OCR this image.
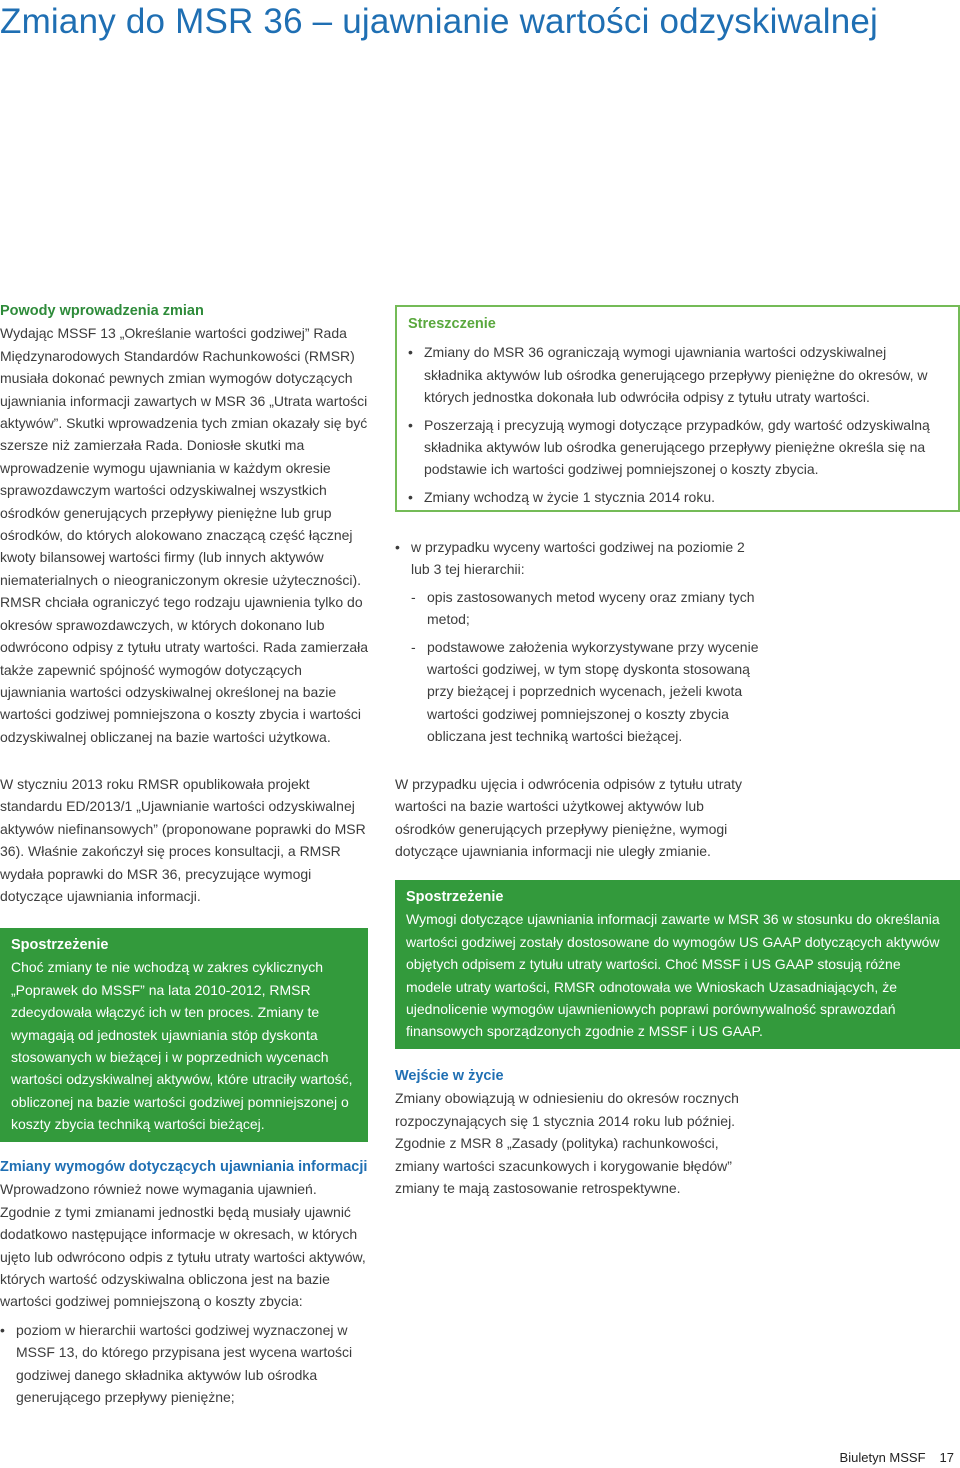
Zmiany do MSR 36 – ujawnianie wartości odzyskiwalnej

Powody wprowadzenia zmian

Wydając MSSF 13 „Określanie wartości godziwej” Rada Międzynarodowych Standardów Rachunkowości (RMSR) musiała dokonać pewnych zmian wymogów dotyczących ujawniania informacji zawartych w MSR 36 „Utrata wartości aktywów”. Skutki wprowadzenia tych zmian okazały się być szersze niż zamierzała Rada. Doniosłe skutki ma wprowadzenie wymogu ujawniania w każdym okresie sprawozdawczym wartości odzyskiwalnej wszystkich ośrodków generujących przepływy pieniężne lub grup ośrodków, do których alokowano znaczącą część łącznej kwoty bilansowej wartości firmy (lub innych aktywów niematerialnych o nieograniczonym okresie użyteczności). RMSR chciała ograniczyć tego rodzaju ujawnienia tylko do okresów sprawozdawczych, w których dokonano lub odwrócono odpisy z tytułu utraty wartości. Rada zamierzała także zapewnić spójność wymogów dotyczących ujawniania wartości odzyskiwalnej określonej na bazie wartości godziwej pomniejszona o koszty zbycia i wartości odzyskiwalnej obliczanej na bazie wartości użytkowa.

Streszczenie

• Zmiany do MSR 36 ograniczają wymogi ujawniania wartości odzyskiwalnej składnika aktywów lub ośrodka generującego przepływy pieniężne do okresów, w których jednostka dokonała lub odwróciła odpisy z tytułu utraty wartości.
• Poszerzają i precyzują wymogi dotyczące przypadków, gdy wartość odzyskiwalną składnika aktywów lub ośrodka generującego przepływy pieniężne określa się na podstawie ich wartości godziwej pomniejszonej o koszty zbycia.
• Zmiany wchodzą w życie 1 stycznia 2014 roku.
• w przypadku wyceny wartości godziwej na poziomie 2 lub 3 tej hierarchii:
- opis zastosowanych metod wyceny oraz zmiany tych metod;
- podstawowe założenia wykorzystywane przy wycenie wartości godziwej, w tym stopę dyskonta stosowaną przy bieżącej i poprzednich wycenach, jeżeli kwota wartości godziwej pomniejszonej o koszty zbycia obliczana jest techniką wartości bieżącej.

W styczniu 2013 roku RMSR opublikowała projekt standardu ED/2013/1 „Ujawnianie wartości odzyskiwalnej aktywów niefinansowych” (proponowane poprawki do MSR 36). Właśnie zakończył się proces konsultacji, a RMSR wydała poprawki do MSR 36, precyzujące wymogi dotyczące ujawniania informacji.

Spostrzeżenie

Choć zmiany te nie wchodzą w zakres cyklicznych „Poprawek do MSSF” na lata 2010-2012, RMSR zdecydowała włączyć ich w ten proces. Zmiany te wymagają od jednostek ujawniania stóp dyskonta stosowanych w bieżącej i w poprzednich wycenach wartości odzyskiwalnej aktywów, które utraciły wartość, obliczonej na bazie wartości godziwej pomniejszonej o koszty zbycia techniką wartości bieżącej.

Zmiany wymogów dotyczących ujawniania informacji

Wprowadzono również nowe wymagania ujawnień. Zgodnie z tymi zmianami jednostki będą musiały ujawnić dodatkowo następujące informacje w okresach, w których ujęto lub odwrócono odpis z tytułu utraty wartości aktywów, których wartość odzyskiwalna obliczona jest na bazie wartości godziwej pomniejszoną o koszty zbycia:

• poziom w hierarchii wartości godziwej wyznaczonej w MSSF 13, do którego przypisana jest wycena wartości godziwej danego składnika aktywów lub ośrodka generującego przepływy pieniężne;

W przypadku ujęcia i odwrócenia odpisów z tytułu utraty wartości na bazie wartości użytkowej aktywów lub ośrodków generujących przepływy pieniężne, wymogi dotyczące ujawniania informacji nie uległy zmianie.

Spostrzeżenie

Wymogi dotyczące ujawniania informacji zawarte w MSR 36 w stosunku do określania wartości godziwej zostały dostosowane do wymogów US GAAP dotyczących aktywów objętych odpisem z tytułu utraty wartości. Choć MSSF i US GAAP stosują różne modele utraty wartości, RMSR odnotowała we Wnioskach Uzasadniających, że ujednolicenie wymogów ujawnieniowych poprawi porównywalność sprawozdań finansowych sporządzonych zgodnie z MSSF i US GAAP.

Wejście w życie

Zmiany obowiązują w odniesieniu do okresów rocznych rozpoczynających się 1 stycznia 2014 roku lub później. Zgodnie z MSR 8 „Zasady (polityka) rachunkowości, zmiany wartości szacunkowych i korygowanie błędów” zmiany te mają zastosowanie retrospektywne.

Biuletyn MSSF 17
